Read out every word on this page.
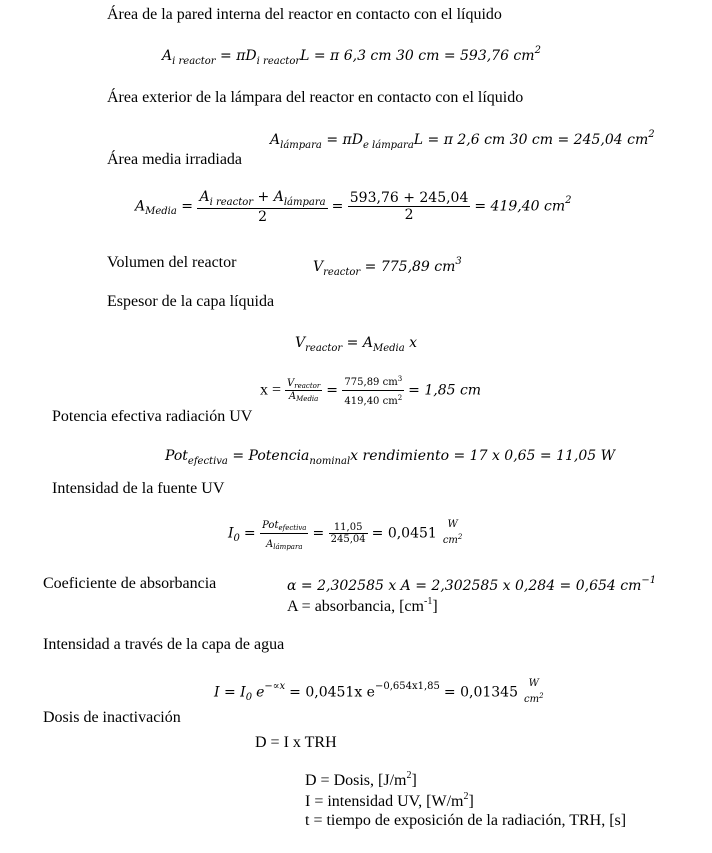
Área de la pared interna del reactor en contacto con el líquido
$A_{i reactor} = \pi D_{i reactor}L = \pi$ 6,3 cm 30 cm = 593,76 $cm^2$
Área exterior de la lámpara del reactor en contacto con el líquido
$A_{lámpara} = \pi D_{e lámpara}L = \pi$ 2,6 cm 30 cm = 245,04 $cm^2$
Área media irradiada
$A_{Media} = \frac{A_{i reactor} + A_{lámpara}}{2} = \frac{593,76 + 245,04}{2} = 419,40$ $cm^2$
Volumen del reactor	$V_{reactor} = 775,89$ $cm^3$
Espesor de la capa líquida
$V_{reactor} = A_{Media}$ x
$x = \frac{V_{reactor}}{A_{Media}} = \frac{775,89 cm^3}{419,40 cm^2} = 1,85$ cm
Potencia efectiva radiación UV
Pot$_{efectiva}$ = Potencia$_{nominal}$x rendimiento = 17 x 0,65 = 11,05 W
Intensidad de la fuente UV
$I_0 = \frac{\text{Potefectiva}}{\text{Alámpara}} = \frac{11,05}{245,04} = 0,0451$
W
$cm^2$
Coeficiente de absorbancia	α = 2,302585 x A = 2,302585 x 0,284 = 0,654 $cm^{-1}$
A = absorbancia, $[cm^{-1}]$
Intensidad a través de la capa de agua
$I = I_0$ $e^{-\propto x} = 0,0451x$ $e^{-0,654x1,85} = 0,01345$
W
$cm^2$
Dosis de inactivación
D = I x TRH
D = Dosis, $[J/m^2]$
I = intensidad UV, $[W/m^2]$
t = tiempo de exposición de la radiación, TRH, [s]
